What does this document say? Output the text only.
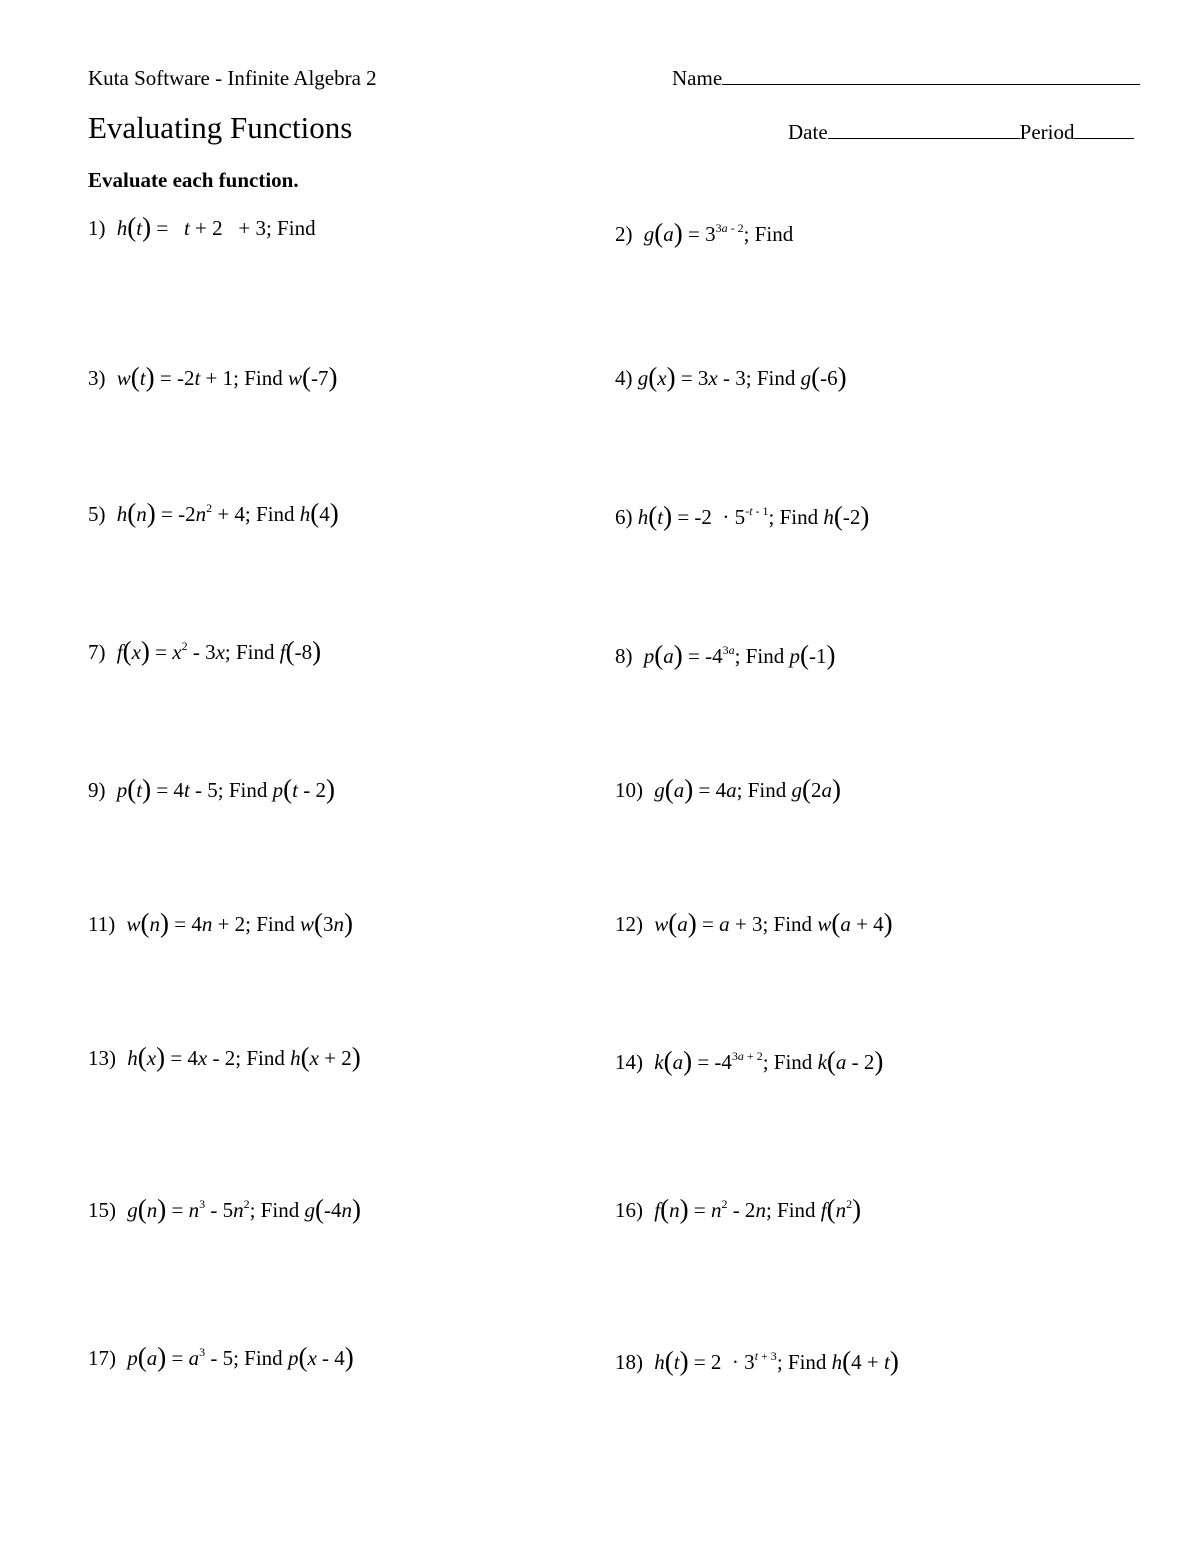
Kuta Software - Infinite Algebra 2	Name
Evaluating Functions	Date	Period
Evaluate each function.
1) h(t) =   t + 2   + 3; Find	2) $g(a) = 3^{3a - 2}$; Find
3) w(t) = -2t + 1; Find w(-7)	4) g(x) = 3x - 3; Find g(-6)
5) $h(n) = -2n^2 + 4$; Find h(4)	6) $h(t) = -2 \cdot 5^{-t - 1}$; Find h(-2)
7) $f(x) = x^2 - 3x$; Find f(-8)	8) $p(a) = -4^{3a}$; Find p(-1)
9) p(t) = 4t - 5; Find p(t - 2)	10) g(a) = 4a; Find g(2a)
11) w(n) = 4n + 2; Find w(3n)	12) w(a) = a + 3; Find w(a + 4)
13) h(x) = 4x - 2; Find h(x + 2)	14) $k(a) = -4^{3a + 2}$; Find k(a - 2)
15) $g(n) = n^3 - 5n^2$; Find g(-4n)	16) $f(n) = n^2 - 2n$; Find $f(n^2)$
17) $p(a) = a^3 - 5$; Find p(x - 4)	18) $h(t) = 2 \cdot 3^{t + 3}$; Find h(4 + t)
